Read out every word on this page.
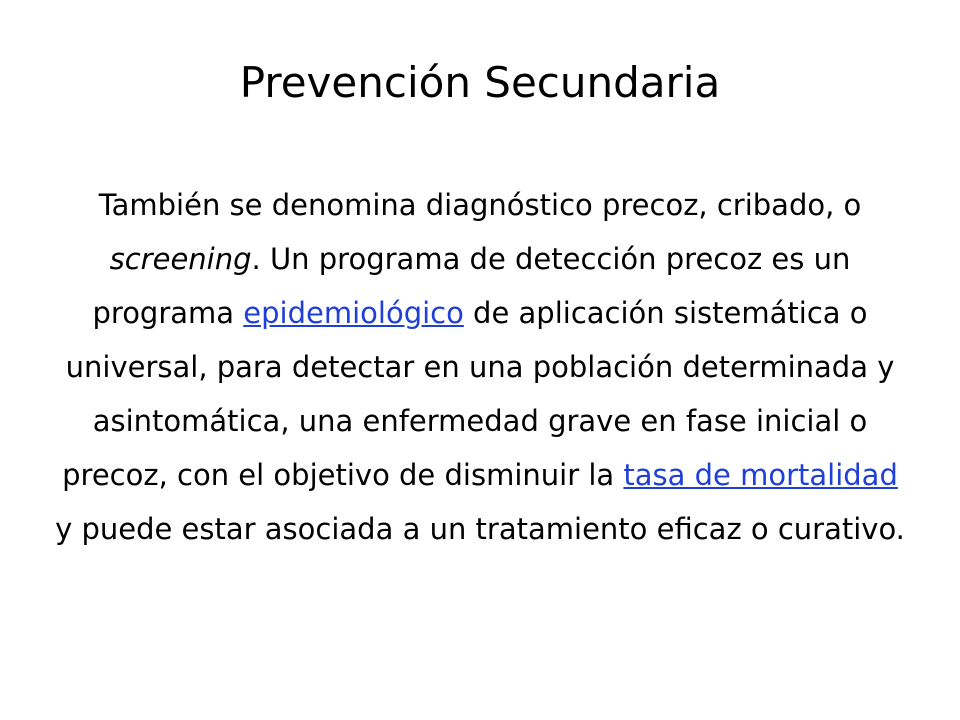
Prevención Secundaria
También se denomina diagnóstico precoz, cribado, o screening. Un programa de detección precoz es un programa epidemiológico de aplicación sistemática o universal, para detectar en una población determinada y asintomática, una enfermedad grave en fase inicial o precoz, con el objetivo de disminuir la tasa de mortalidad y puede estar asociada a un tratamiento eficaz o curativo.
